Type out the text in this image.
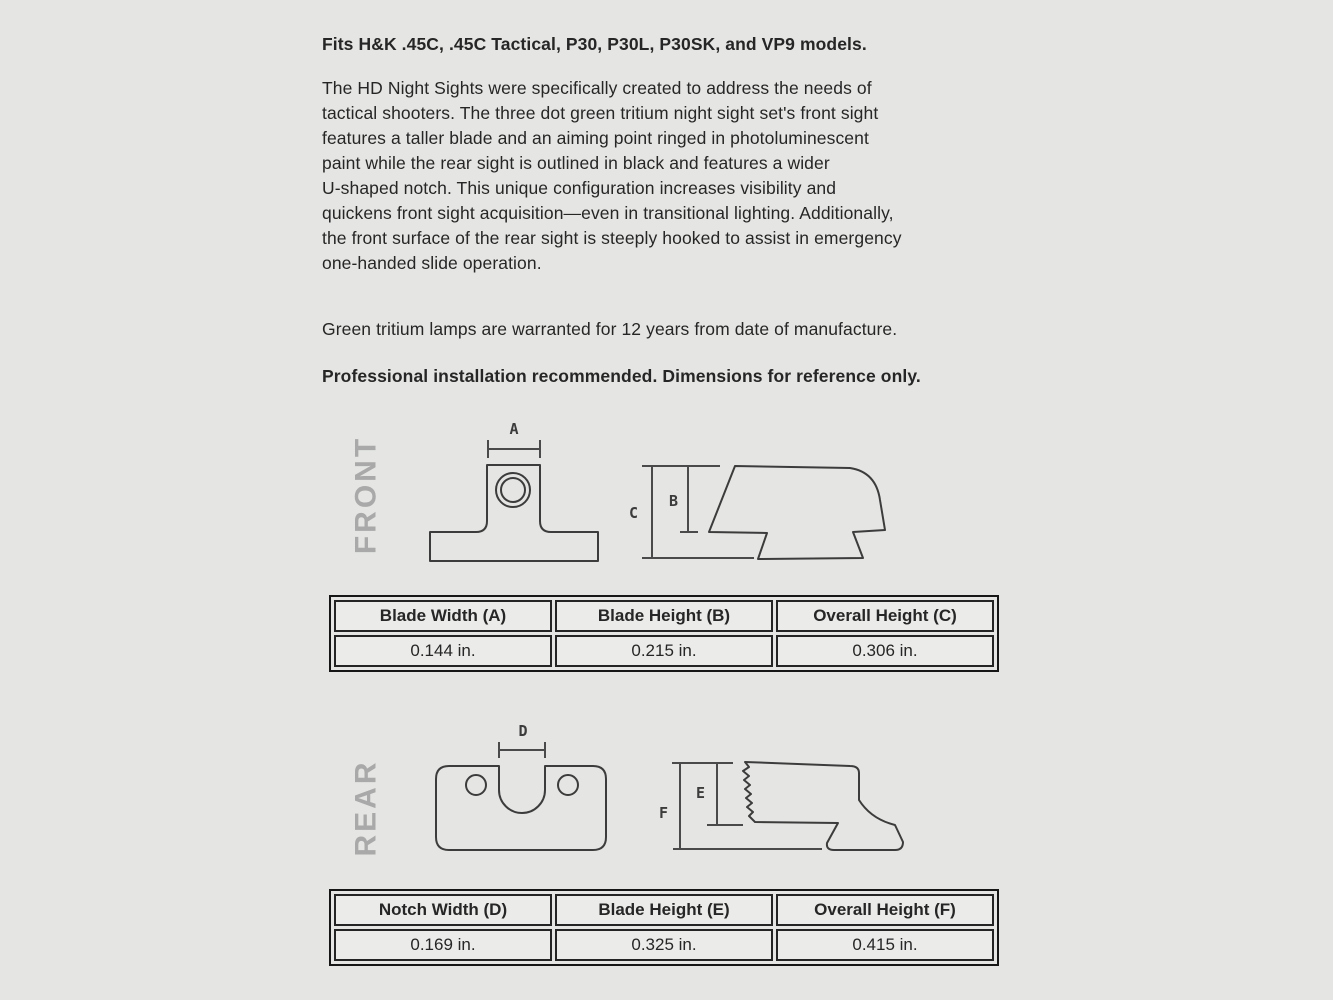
Fits H&K .45C, .45C Tactical, P30, P30L, P30SK, and VP9 models.

The HD Night Sights were specifically created to address the needs of
tactical shooters. The three dot green tritium night sight set's front sight
features a taller blade and an aiming point ringed in photoluminescent
paint while the rear sight is outlined in black and features a wider
U-shaped notch. This unique configuration increases visibility and
quickens front sight acquisition—even in transitional lighting. Additionally,
the front surface of the rear sight is steeply hooked to assist in emergency
one-handed slide operation.

Green tritium lamps are warranted for 12 years from date of manufacture.

Professional installation recommended. Dimensions for reference only.

FRONT
A
C
B
Blade Width (A)	Blade Height (B)	Overall Height (C)
0.144 in.	0.215 in.	0.306 in.
REAR
D
F
E
Notch Width (D)	Blade Height (E)	Overall Height (F)
0.169 in.	0.325 in.	0.415 in.
